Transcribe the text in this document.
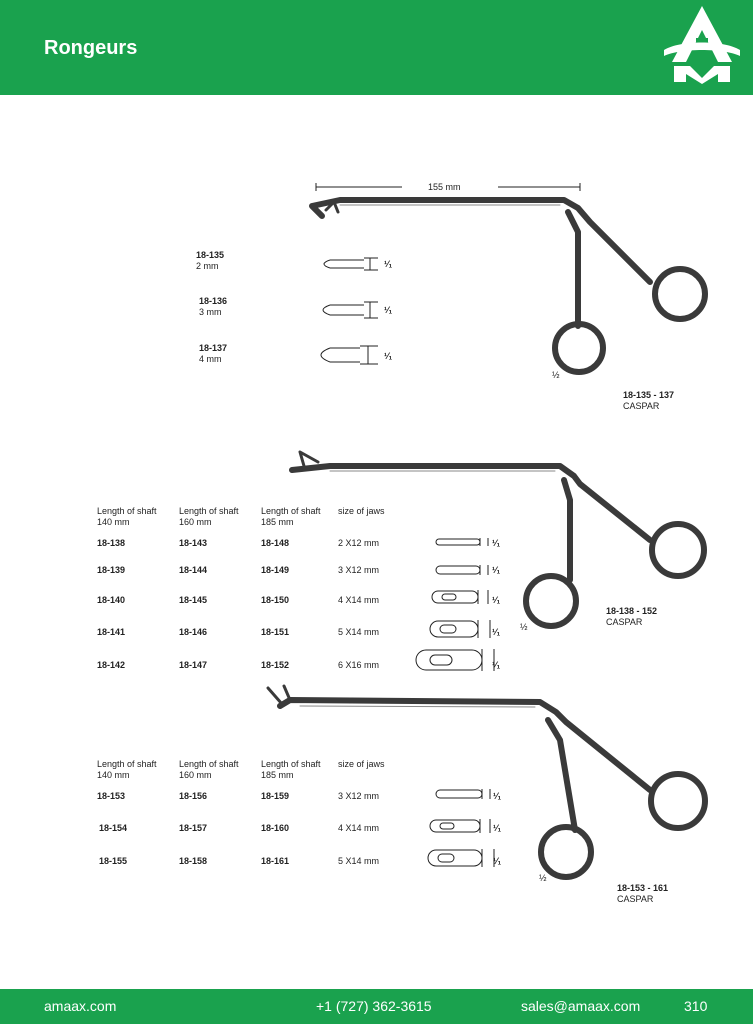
Rongeurs
155 mm
18-135
2 mm	¹⁄₁
18-136
3 mm	¹⁄₁
18-137
4 mm	¹⁄₁
½
18-135 - 137
CASPAR
Length of shaft Length of shaft Length of shaft size of jaws
140 mm	160 mm	185 mm
18-138	18-143	18-148	2 X12 mm	¹⁄₁
18-139	18-144	18-149	3 X12 mm	¹⁄₁
18-140	18-145	18-150	4 X14 mm	¹⁄₁
18-141	18-146	18-151	5 X14 mm	¹⁄₁
18-142	18-147	18-152	6 X16 mm	¹⁄₁
½
18-138 - 152
CASPAR
Length of shaft Length of shaft Length of shaft size of jaws
140 mm	160 mm	185 mm
18-153	18-156	18-159	3 X12 mm	¹⁄₁
18-154	18-157	18-160	4 X14 mm	¹⁄₁
18-155	18-158	18-161	5 X14 mm	¹⁄₁
½
18-153 - 161
CASPAR
amaax.com	+1 (727) 362-3615	sales@amaax.com	310
